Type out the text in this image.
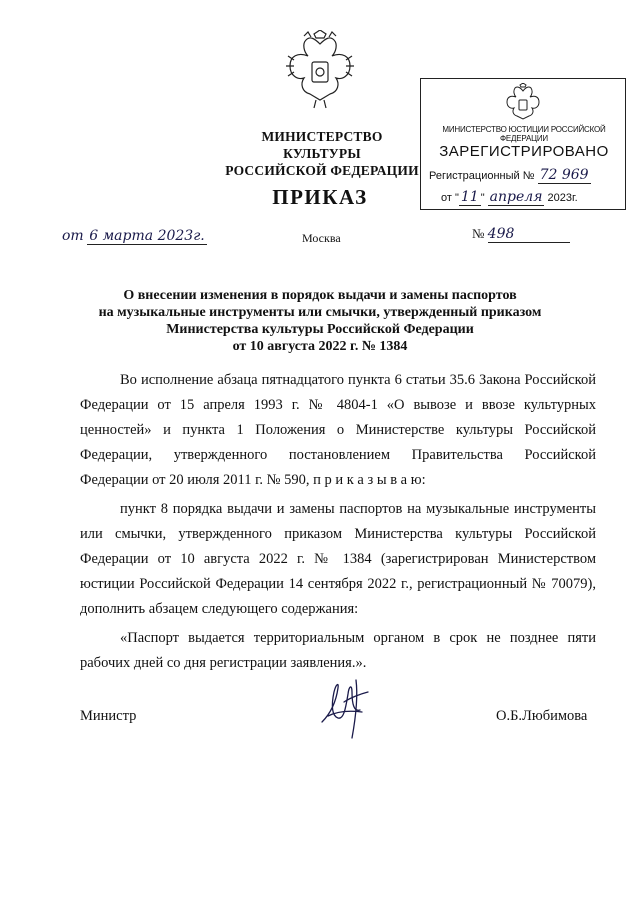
МИНИСТЕРСТВО КУЛЬТУРЫ
РОССИЙСКОЙ ФЕДЕРАЦИИ
ПРИКАЗ
МИНИСТЕРСТВО ЮСТИЦИИ РОССИЙСКОЙ ФЕДЕРАЦИИ
ЗАРЕГИСТРИРОВАНО
Регистрационный № 72 969
от " 11 " апреля 2023г.
от 6 марта 2023г.	Москва	№ 498
О внесении изменения в порядок выдачи и замены паспортов
на музыкальные инструменты или смычки, утвержденный приказом
Министерства культуры Российской Федерации
от 10 августа 2022 г. № 1384
Во исполнение абзаца пятнадцатого пункта 6 статьи 35.6 Закона Российской Федерации от 15 апреля 1993 г. № 4804-1 «О вывозе и ввозе культурных ценностей» и пункта 1 Положения о Министерстве культуры Российской Федерации, утвержденного постановлением Правительства Российской Федерации от 20 июля 2011 г. № 590, п р и к а з ы в а ю:
пункт 8 порядка выдачи и замены паспортов на музыкальные инструменты или смычки, утвержденного приказом Министерства культуры Российской Федерации от 10 августа 2022 г. № 1384 (зарегистрирован Министерством юстиции Российской Федерации 14 сентября 2022 г., регистрационный № 70079), дополнить абзацем следующего содержания:
«Паспорт выдается территориальным органом в срок не позднее пяти рабочих дней со дня регистрации заявления.».
Министр	О.Б.Любимова
